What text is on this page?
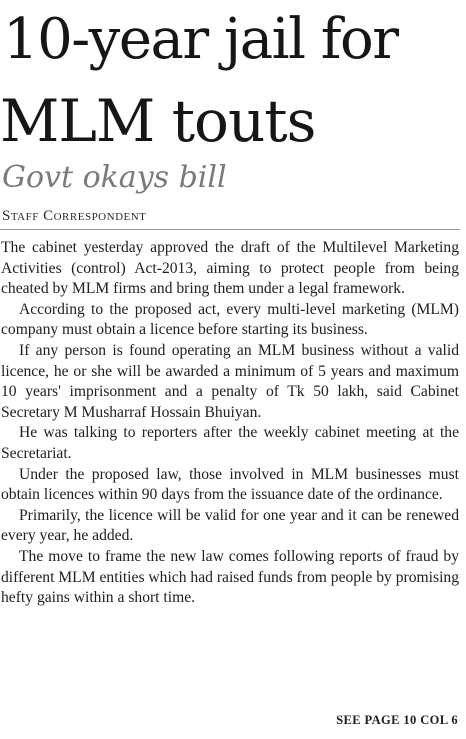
10-year jail for
MLM touts
Govt okays bill
Staff Correspondent

The cabinet yesterday approved the draft of the Multilevel Marketing Activities (control) Act-2013, aiming to protect people from being cheated by MLM firms and bring them under a legal framework.

According to the proposed act, every multi-level marketing (MLM) company must obtain a licence before starting its business.

If any person is found operating an MLM business without a valid licence, he or she will be awarded a minimum of 5 years and maximum 10 years' imprisonment and a penalty of Tk 50 lakh, said Cabinet Secretary M Musharraf Hossain Bhuiyan.

He was talking to reporters after the weekly cabinet meeting at the Secretariat.

Under the proposed law, those involved in MLM businesses must obtain licences within 90 days from the issuance date of the ordinance.

Primarily, the licence will be valid for one year and it can be renewed every year, he added.

The move to frame the new law comes following reports of fraud by different MLM entities which had raised funds from people by promising hefty gains within a short time.

SEE PAGE 10 COL 6
